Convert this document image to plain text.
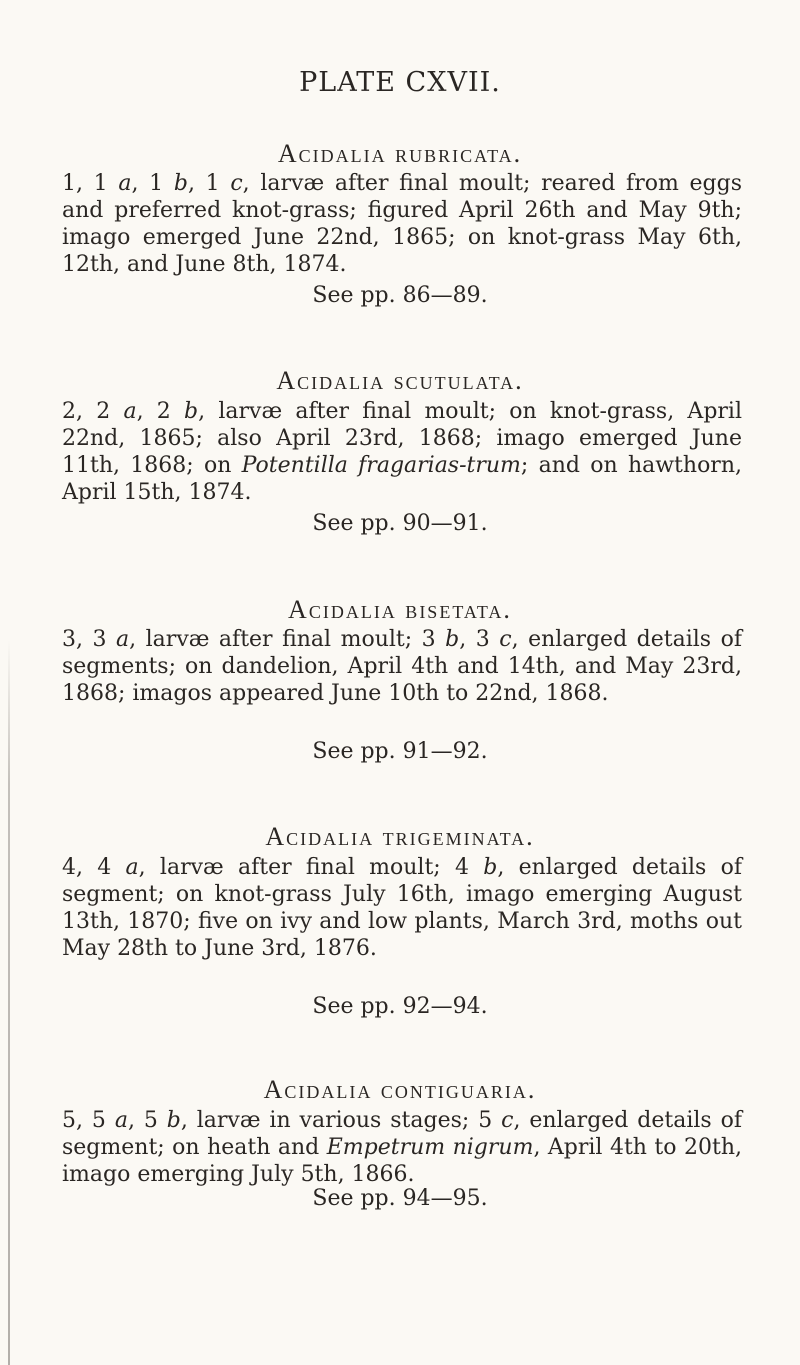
PLATE CXVII.
Acidalia rubricata.
1, 1 a, 1 b, 1 c, larvæ after final moult; reared from eggs and preferred knot-grass; figured April 26th and May 9th; imago emerged June 22nd, 1865; on knot-grass May 6th, 12th, and June 8th, 1874.
See pp. 86—89.
Acidalia scutulata.
2, 2 a, 2 b, larvæ after final moult; on knot-grass, April 22nd, 1865; also April 23rd, 1868; imago emerged June 11th, 1868; on Potentilla fragarias-trum; and on hawthorn, April 15th, 1874.
See pp. 90—91.
Acidalia bisetata.
3, 3 a, larvæ after final moult; 3 b, 3 c, enlarged details of segments; on dandelion, April 4th and 14th, and May 23rd, 1868; imagos appeared June 10th to 22nd, 1868.
See pp. 91—92.
Acidalia trigeminata.
4, 4 a, larvæ after final moult; 4 b, enlarged details of segment; on knot-grass July 16th, imago emerging August 13th, 1870; five on ivy and low plants, March 3rd, moths out May 28th to June 3rd, 1876.
See pp. 92—94.
Acidalia contiguaria.
5, 5 a, 5 b, larvæ in various stages; 5 c, enlarged details of segment; on heath and Empetrum nigrum, April 4th to 20th, imago emerging July 5th, 1866.
See pp. 94—95.
